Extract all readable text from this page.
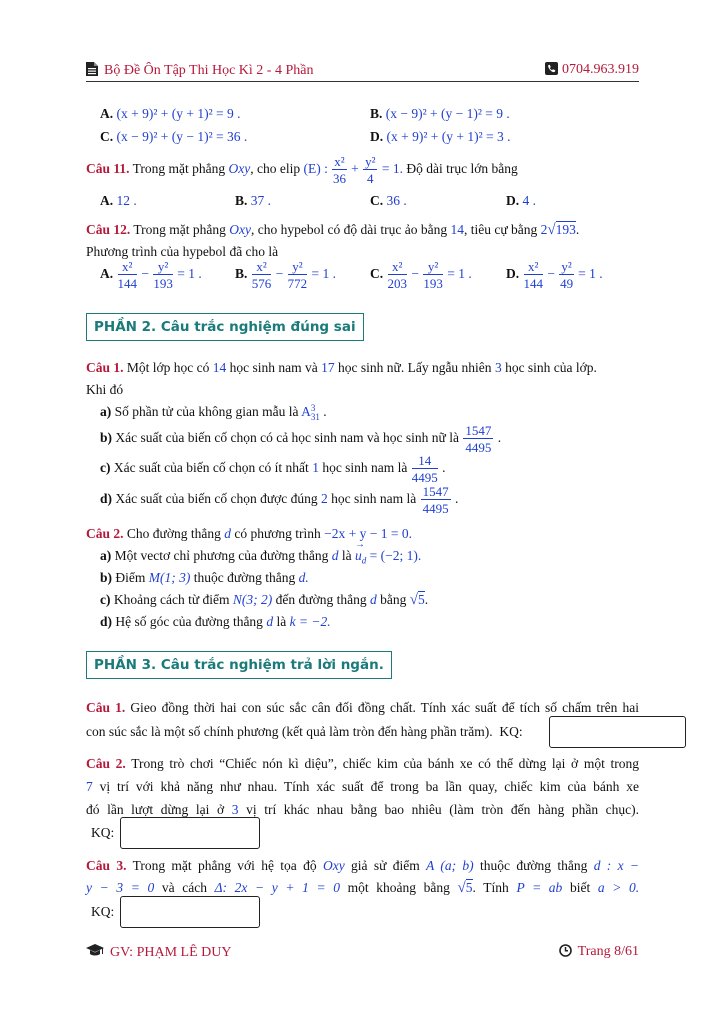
Bộ Đề Ôn Tập Thi Học Kì 2 - 4 Phần	0704.963.919
A. (x + 9)² + (y + 1)² = 9 .	B. (x − 9)² + (y − 1)² = 9 .
C. (x − 9)² + (y − 1)² = 36 .	D. (x + 9)² + (y + 1)² = 3 .
Câu 11. Trong mặt phẳng Oxy, cho elip (E) : $\frac{\text{x²}}{36} + \frac{\text{y²}}{4} = 1$. Độ dài trục lớn bằng
A. 12 .	B. 37 .	C. 36 .	D. 4 .
Câu 12. Trong mặt phẳng Oxy, cho hypebol có độ dài trục ảo bằng 14, tiêu cự bằng 2√193.
Phương trình của hypebol đã cho là
A. $\frac{\text{x²}}{144} - \frac{\text{y²}}{193} = 1$ . B. $\frac{\text{x²}}{576} - \frac{\text{y²}}{772} = 1$ .	C. $\frac{\text{x²}}{203} - \frac{\text{y²}}{193} = 1$ .	D. $\frac{\text{x²}}{144} - \frac{\text{y²}}{49} = 1$ .
PHẦN 2. Câu trắc nghiệm đúng sai
Câu 1. Một lớp học có 14 học sinh nam và 17 học sinh nữ. Lấy ngẫu nhiên 3 học sinh của lớp.
Khi đó
a) Số phần tử của không gian mẫu là A 3
31 .
b) Xác suất của biến cố chọn có cả học sinh nam và học sinh nữ là $\frac{1547}{4495}$ .
c) Xác suất của biến cố chọn có ít nhất 1 học sinh nam là $\frac{14}{4495}$ .
d) Xác suất của biến cố chọn được đúng 2 học sinh nam là $\frac{1547}{4495}$ .
Câu 2. Cho đường thẳng d có phương trình −2x + y − 1 = 0.
a) Một vectơ chỉ phương của đường thẳng d là
→
$u_d = (-2$; 1).
b) Điểm M(1; 3) thuộc đường thẳng d.
c) Khoảng cách từ điểm N(3; 2) đến đường thẳng d bằng √5.
d) Hệ số góc của đường thẳng d là k = −2.
PHẦN 3. Câu trắc nghiệm trả lời ngắn.
Câu 1. Gieo đồng thời hai con súc sắc cân đối đồng chất. Tính xác suất để tích số chấm trên hai
con súc sắc là một số chính phương (kết quả làm tròn đến hàng phần trăm). KQ:
Câu 2. Trong trò chơi “Chiếc nón kì diệu”, chiếc kim của bánh xe có thể dừng lại ở một trong
7 vị trí với khả năng như nhau. Tính xác suất để trong ba lần quay, chiếc kim của bánh xe
đó lần lượt dừng lại ở 3 vị trí khác nhau bằng bao nhiêu (làm tròn đến hàng phần chục).
KQ:
Câu 3. Trong mặt phẳng với hệ tọa độ Oxy giả sử điểm A (a; b) thuộc đường thẳng d : x −
y − 3 = 0 và cách Δ: 2x − y + 1 = 0 một khoảng bằng √5. Tính P = ab biết a > 0.
KQ:
GV: PHẠM LÊ DUY	Trang 8/61
